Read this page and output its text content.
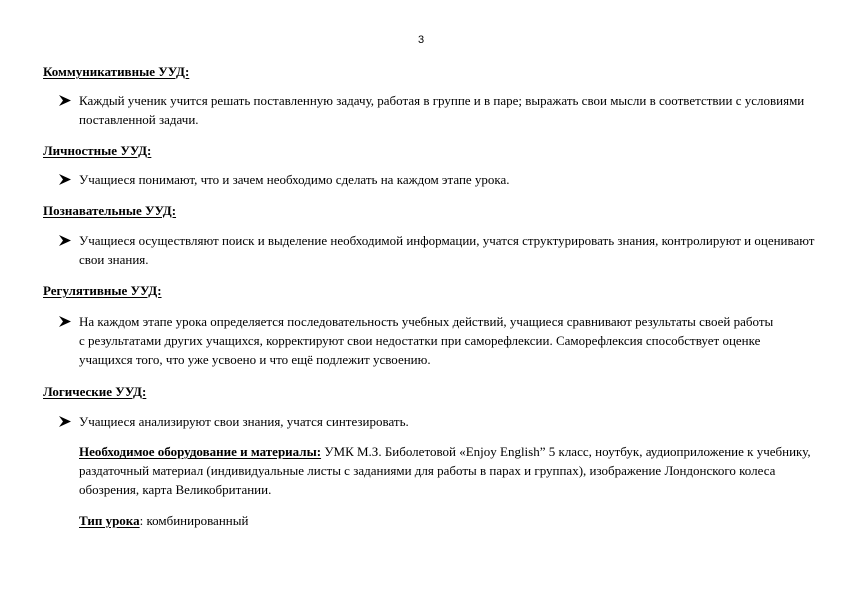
3
Коммуникативные УУД:
Каждый ученик учится решать поставленную задачу, работая в группе и в паре; выражать свои мысли в соответствии с условиями поставленной задачи.
Личностные УУД:
Учащиеся понимают, что и зачем необходимо сделать на каждом этапе урока.
Познавательные УУД:
Учащиеся осуществляют поиск и выделение необходимой информации, учатся структурировать знания, контролируют и оценивают свои знания.
Регулятивные УУД:
На каждом этапе урока определяется последовательность учебных действий, учащиеся сравнивают результаты своей работы с результатами других учащихся, корректируют свои недостатки при саморефлексии. Саморефлексия способствует оценке учащихся того, что уже усвоено и что ещё подлежит усвоению.
Логические УУД:
Учащиеся анализируют свои знания, учатся синтезировать.
Необходимое оборудование и материалы: УМК М.З. Биболетовой «Enjoy English” 5 класс, ноутбук, аудиоприложение к учебнику, раздаточный материал (индивидуальные листы с заданиями для работы в парах и группах), изображение Лондонского колеса обозрения, карта Великобритании.
Тип урока: комбинированный
